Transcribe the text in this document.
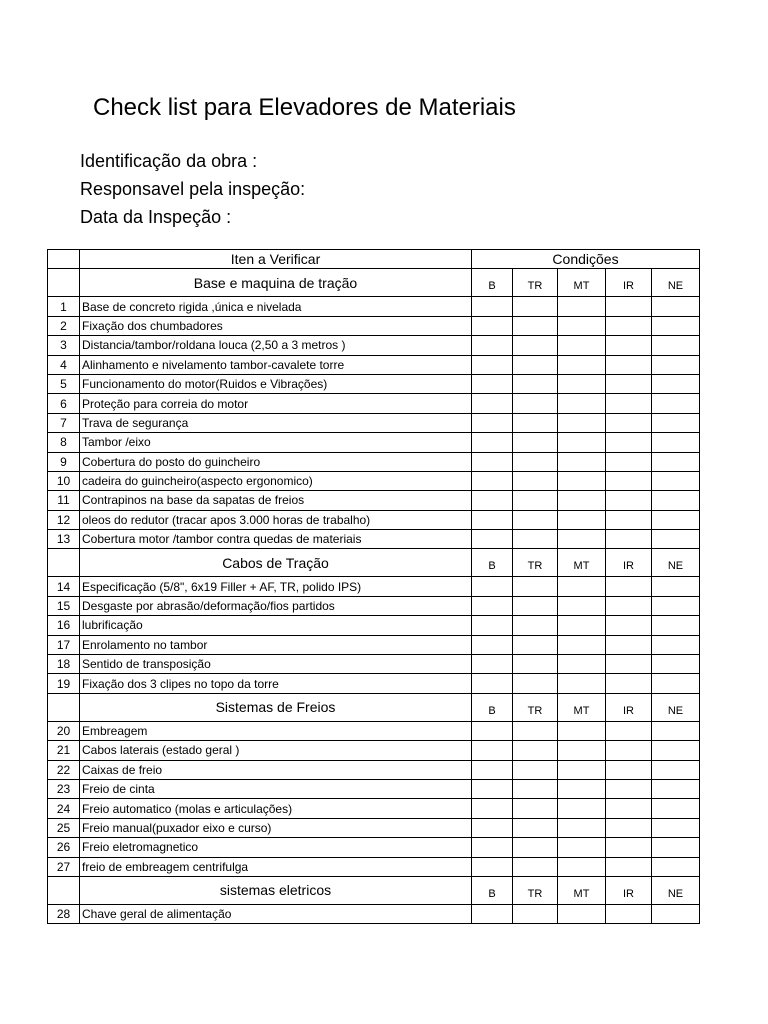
Check list para Elevadores de Materiais
Identificação da obra :
Responsavel pela inspeção:
Data da Inspeção :
	Iten a Verificar	Condições				
	Base e maquina de tração	B	TR	MT	IR	NE
1	Base de concreto rigida ,única e nivelada					
2	Fixação dos chumbadores					
3	Distancia/tambor/roldana louca (2,50 a 3 metros )					
4	Alinhamento e nivelamento tambor-cavalete torre					
5	Funcionamento do motor(Ruidos e Vibrações)					
6	Proteção para correia do motor					
7	Trava de segurança					
8	Tambor /eixo					
9	Cobertura do posto do guincheiro					
10	cadeira do guincheiro(aspecto ergonomico)					
11	Contrapinos na base da sapatas de freios					
12	oleos do redutor (tracar apos 3.000 horas de trabalho)					
13	Cobertura motor /tambor contra quedas de materiais					
	Cabos de Tração	B	TR	MT	IR	NE
14	Especificação (5/8", 6x19 Filler + AF, TR, polido IPS)					
15	Desgaste por abrasão/deformação/fios partidos					
16	lubrificação					
17	Enrolamento no tambor					
18	Sentido de transposição					
19	Fixação dos 3 clipes no topo da torre					
	Sistemas de Freios	B	TR	MT	IR	NE
20	Embreagem					
21	Cabos laterais (estado geral )					
22	Caixas de freio					
23	Freio de cinta					
24	Freio automatico (molas e articulações)					
25	Freio manual(puxador eixo e curso)					
26	Freio eletromagnetico					
27	freio de embreagem centrifulga					
	sistemas eletricos	B	TR	MT	IR	NE
28	Chave geral de alimentação					
